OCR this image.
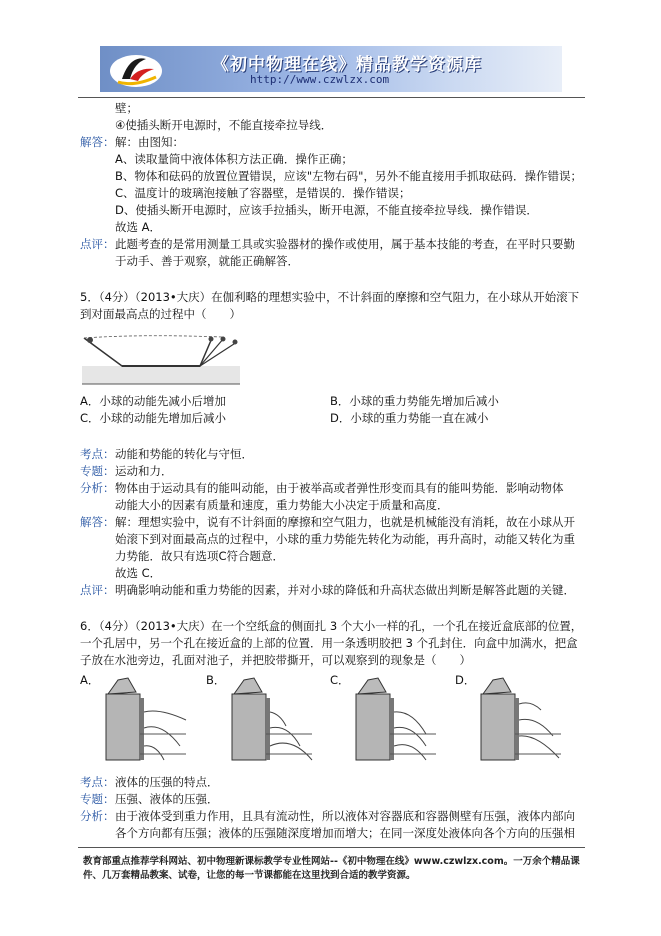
《初中物理在线》精品教学资源库
http://www.czwlzx.com
壁；
④使插头断开电源时，不能直接牵拉导线．
解答： 解：由图知：
A、读取量筒中液体体积方法正确．操作正确；
B、物体和砝码的放置位置错误，应该"左物右码"，另外不能直接用手抓取砝码．操作错误；
C、温度计的玻璃泡接触了容器壁，是错误的．操作错误；
D、使插头断开电源时，应该手拉插头，断开电源，不能直接牵拉导线．操作错误．
故选 A．
点评： 此题考查的是常用测量工具或实验器材的操作或使用，属于基本技能的考查，在平时只要勤
于动手、善于观察，就能正确解答．
5．（4分）（2013•大庆）在伽利略的理想实验中，不计斜面的摩擦和空气阻力，在小球从开始滚下
到对面最高点的过程中（　　）
A．小球的动能先减小后增加	B．小球的重力势能先增加后减小
C．小球的动能先增加后减小	D．小球的重力势能一直在减小
考点： 动能和势能的转化与守恒．
专题： 运动和力．
分析： 物体由于运动具有的能叫动能，由于被举高或者弹性形变而具有的能叫势能．影响动物体
动能大小的因素有质量和速度，重力势能大小决定于质量和高度．
解答： 解：理想实验中，说有不计斜面的摩擦和空气阻力，也就是机械能没有消耗，故在小球从开
始滚下到对面最高点的过程中，小球的重力势能先转化为动能，再升高时，动能又转化为重
力势能．故只有选项C符合题意．
故选 C．
点评： 明确影响动能和重力势能的因素，并对小球的降低和升高状态做出判断是解答此题的关键．
6．（4分）（2013•大庆）在一个空纸盒的侧面扎 3 个大小一样的孔，一个孔在接近盒底部的位置，
一个孔居中，另一个孔在接近盒的上部的位置．用一条透明胶把 3 个孔封住．向盒中加满水，把盒
子放在水池旁边，孔面对池子，并把胶带撕开，可以观察到的现象是（　　）
A．	B．	C．	D．
考点： 液体的压强的特点．
专题： 压强、液体的压强．
分析： 由于液体受到重力作用，且具有流动性，所以液体对容器底和容器侧壁有压强，液体内部向
各个方向都有压强；液体的压强随深度增加而增大；在同一深度处液体向各个方向的压强相
教育部重点推荐学科网站、初中物理新课标教学专业性网站--《初中物理在线》www.czwlzx.com。一万余个精品课件、几万套精品教案、试卷，让您的每一节课都能在这里找到合适的教学资源。
